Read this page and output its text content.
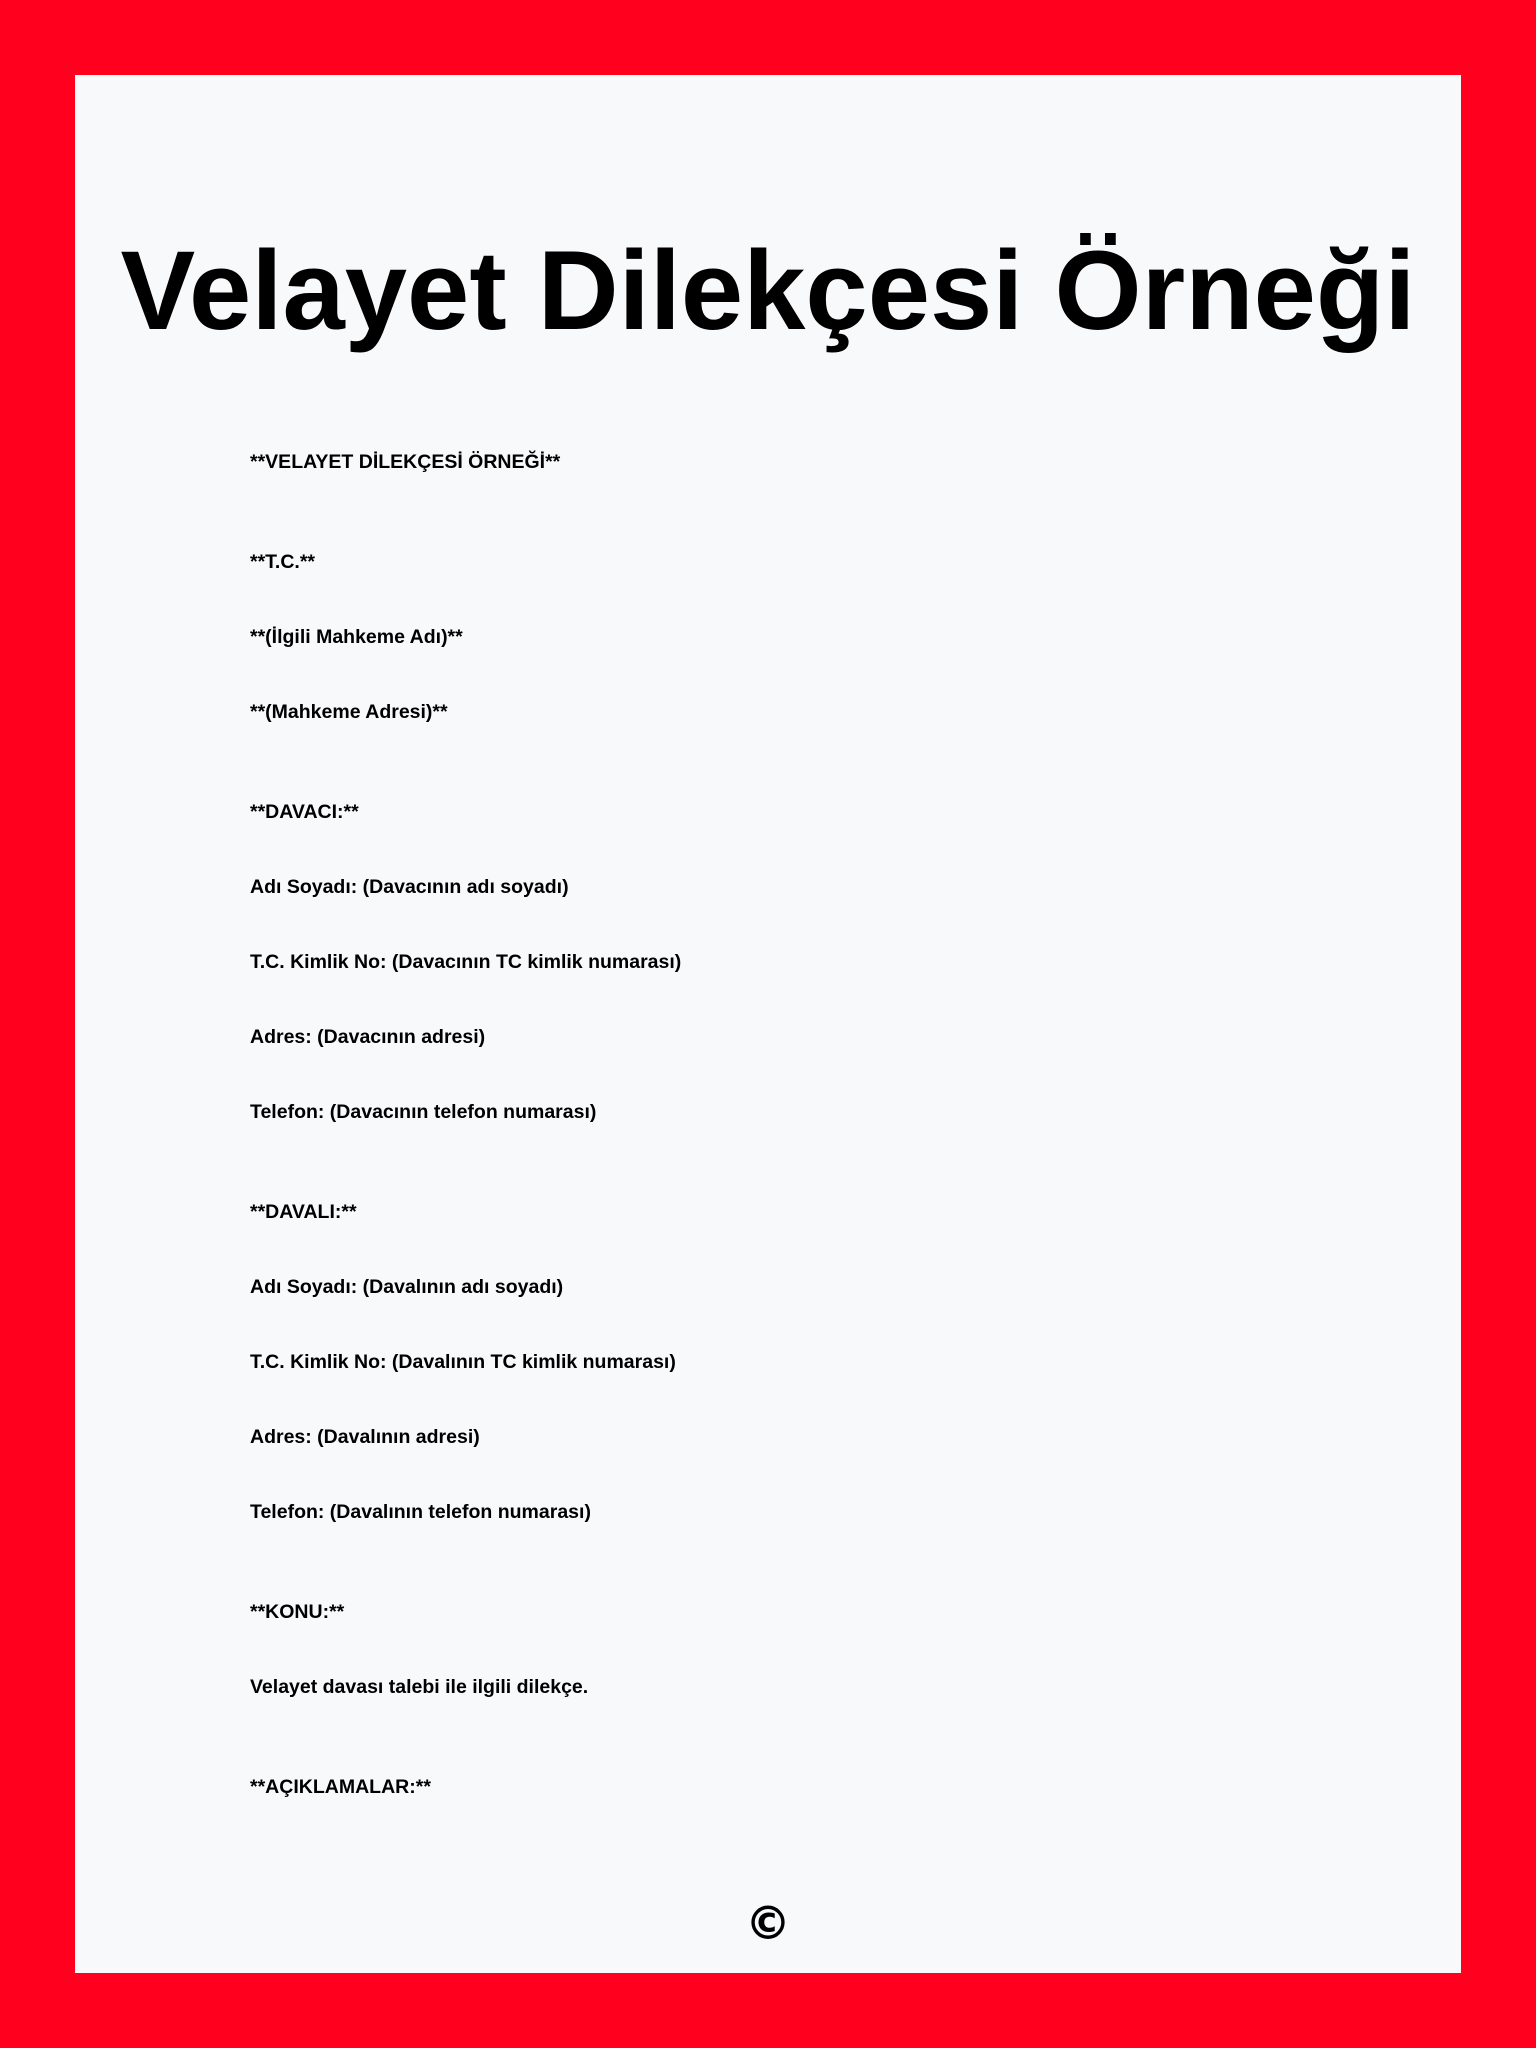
Velayet Dilekçesi Örneği
**VELAYET DİLEKÇESİ ÖRNEĞİ**
**T.C.**
**(İlgili Mahkeme Adı)**
**(Mahkeme Adresi)**
**DAVACI:**
Adı Soyadı: (Davacının adı soyadı)
T.C. Kimlik No: (Davacının TC kimlik numarası)
Adres: (Davacının adresi)
Telefon: (Davacının telefon numarası)
**DAVALI:**
Adı Soyadı: (Davalının adı soyadı)
T.C. Kimlik No: (Davalının TC kimlik numarası)
Adres: (Davalının adresi)
Telefon: (Davalının telefon numarası)
**KONU:**
Velayet davası talebi ile ilgili dilekçe.
**AÇIKLAMALAR:**
©
